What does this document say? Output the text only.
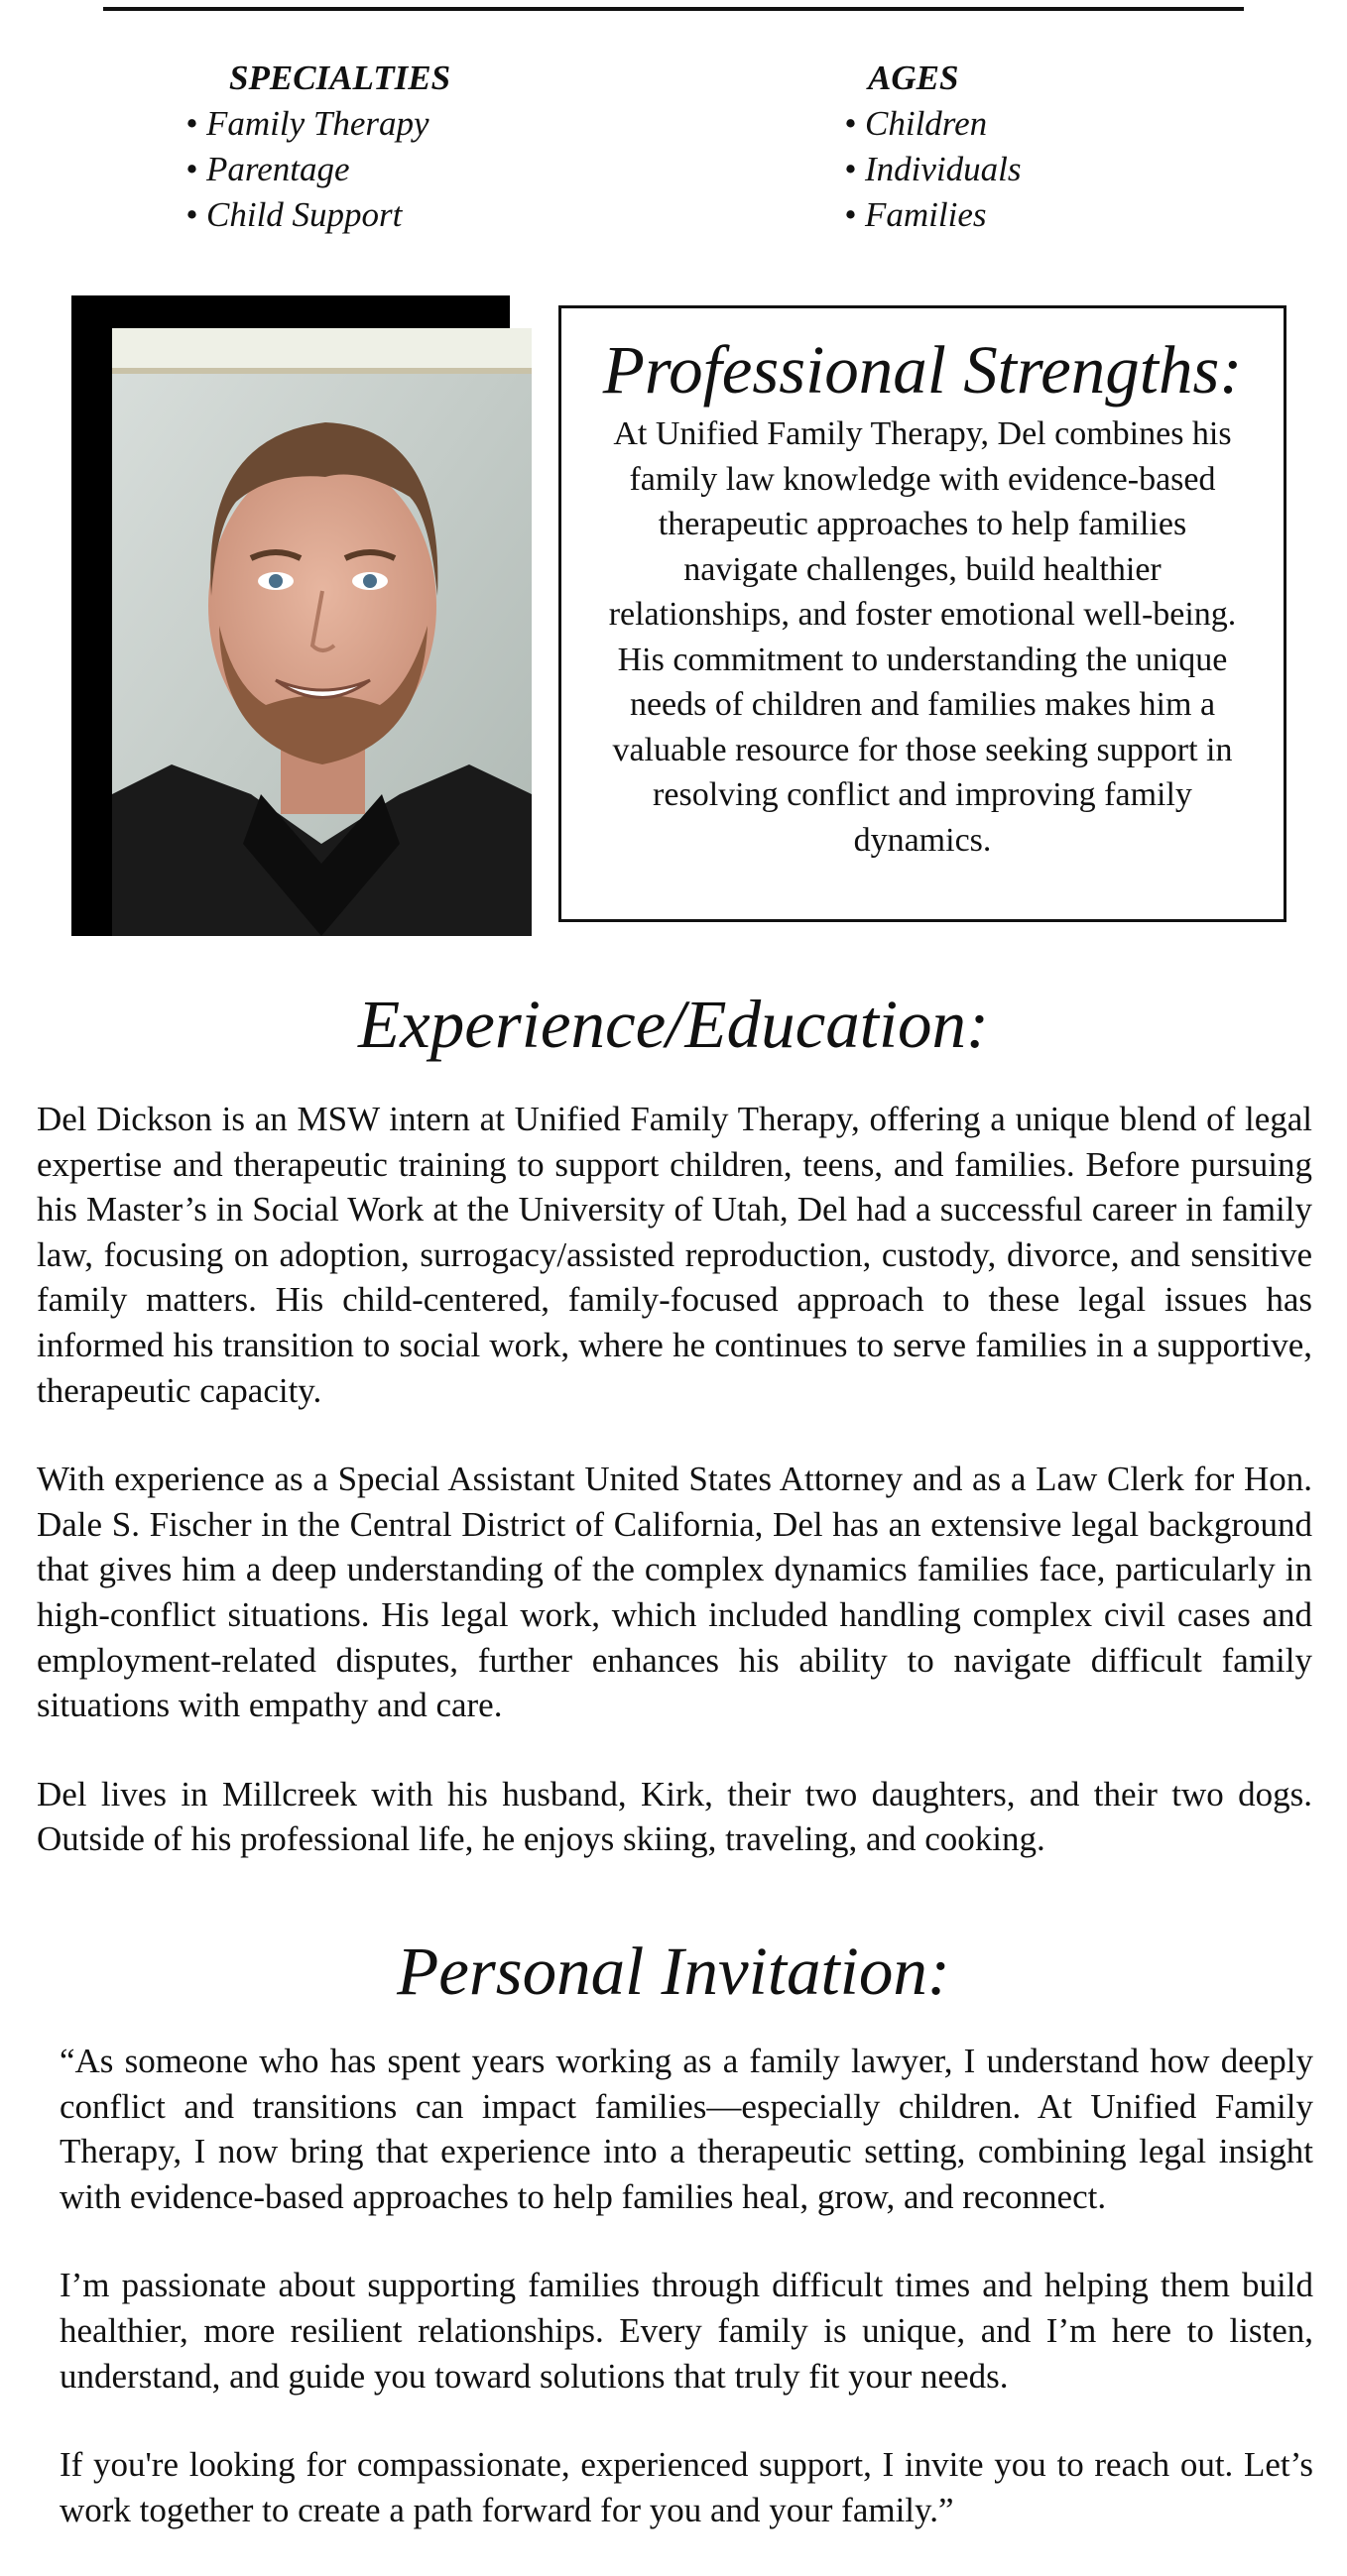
SPECIALTIES
• Family Therapy
• Parentage
• Child Support
AGES
• Children
• Individuals
• Families
Professional Strengths:
At Unified Family Therapy, Del combines his family law knowledge with evidence-based therapeutic approaches to help families navigate challenges, build healthier relationships, and foster emotional well-being. His commitment to understanding the unique needs of children and families makes him a valuable resource for those seeking support in resolving conflict and improving family dynamics.
Experience/Education:

Del Dickson is an MSW intern at Unified Family Therapy, offering a unique blend of legal expertise and therapeutic training to support children, teens, and families. Before pursuing his Master’s in Social Work at the University of Utah, Del had a successful career in family law, focusing on adoption, surrogacy/assisted reproduction, custody, divorce, and sensitive family matters. His child-centered, family-focused approach to these legal issues has informed his transition to social work, where he continues to serve families in a supportive, therapeutic capacity.

With experience as a Special Assistant United States Attorney and as a Law Clerk for Hon. Dale S. Fischer in the Central District of California, Del has an extensive legal background that gives him a deep understanding of the complex dynamics families face, particularly in high-conflict situations. His legal work, which included handling complex civil cases and employment-related disputes, further enhances his ability to navigate difficult family situations with empathy and care.

Del lives in Millcreek with his husband, Kirk, their two daughters, and their two dogs. Outside of his professional life, he enjoys skiing, traveling, and cooking.

Personal Invitation:

“As someone who has spent years working as a family lawyer, I understand how deeply conflict and transitions can impact families—especially children. At Unified Family Therapy, I now bring that experience into a therapeutic setting, combining legal insight with evidence-based approaches to help families heal, grow, and reconnect.

I’m passionate about supporting families through difficult times and helping them build healthier, more resilient relationships. Every family is unique, and I’m here to listen, understand, and guide you toward solutions that truly fit your needs.

If you're looking for compassionate, experienced support, I invite you to reach out. Let’s work together to create a path forward for you and your family.”
